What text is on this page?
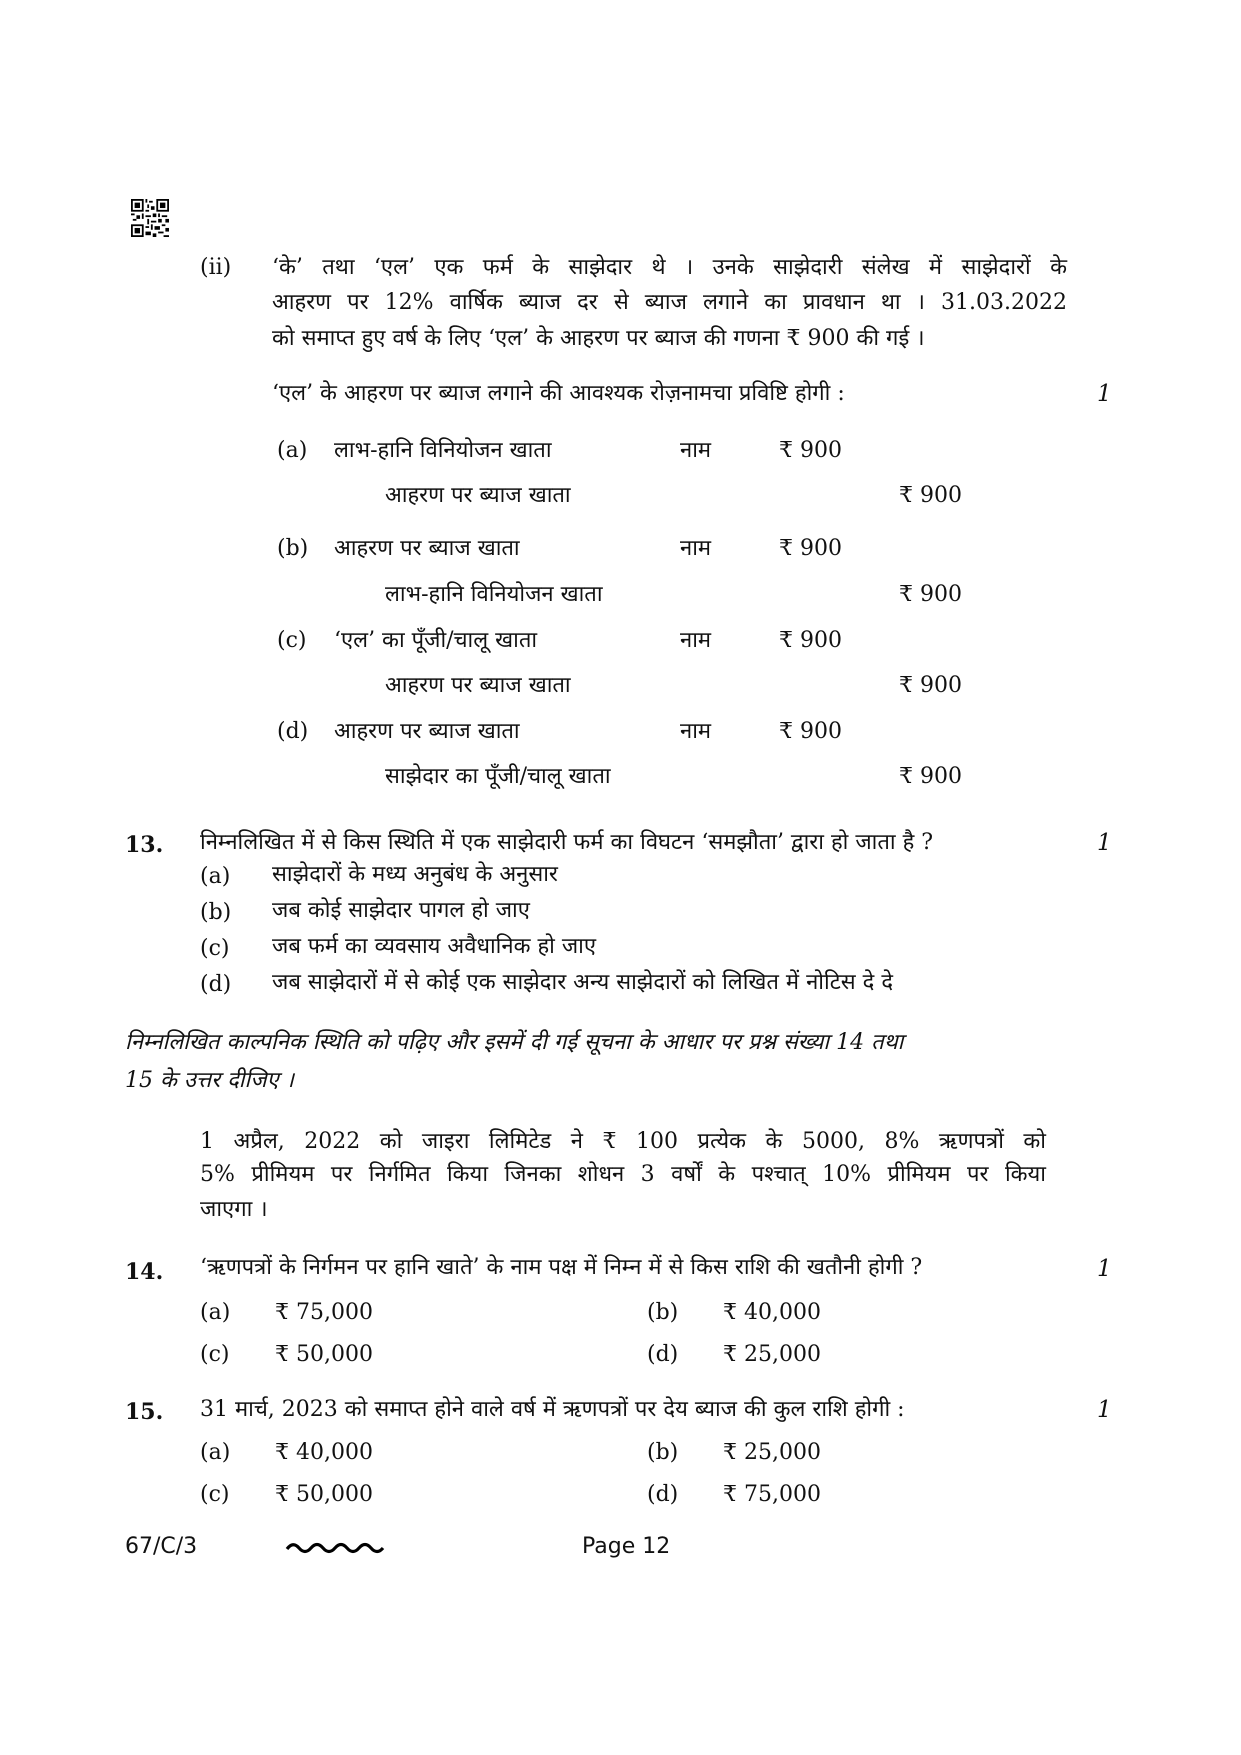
(ii) ‘के’ तथा ‘एल’ एक फर्म के साझेदार थे । उनके साझेदारी संलेख में साझेदारों के
आहरण पर 12% वार्षिक ब्याज दर से ब्याज लगाने का प्रावधान था । 31.03.2022
को समाप्त हुए वर्ष के लिए ‘एल’ के आहरण पर ब्याज की गणना ₹ 900 की गई ।
‘एल’ के आहरण पर ब्याज लगाने की आवश्यक रोज़नामचा प्रविष्टि होगी :	1
(a) लाभ-हानि विनियोजन खाता	नाम	₹ 900
आहरण पर ब्याज खाता	₹ 900
(b) आहरण पर ब्याज खाता	नाम	₹ 900
लाभ-हानि विनियोजन खाता	₹ 900
(c) ‘एल’ का पूँजी/चालू खाता	नाम	₹ 900
आहरण पर ब्याज खाता	₹ 900
(d) आहरण पर ब्याज खाता	नाम	₹ 900
साझेदार का पूँजी/चालू खाता	₹ 900
13. निम्नलिखित में से किस स्थिति में एक साझेदारी फर्म का विघटन ‘समझौता’ द्वारा हो जाता है ?	1
(a) साझेदारों के मध्य अनुबंध के अनुसार
(b) जब कोई साझेदार पागल हो जाए
(c) जब फर्म का व्यवसाय अवैधानिक हो जाए
(d) जब साझेदारों में से कोई एक साझेदार अन्य साझेदारों को लिखित में नोटिस दे दे
निम्नलिखित काल्पनिक स्थिति को पढ़िए और इसमें दी गई सूचना के आधार पर प्रश्न संख्या 14 तथा
15 के उत्तर दीजिए ।
1 अप्रैल, 2022 को जाइरा लिमिटेड ने ₹ 100 प्रत्येक के 5000, 8% ऋणपत्रों को
5% प्रीमियम पर निर्गमित किया जिनका शोधन 3 वर्षों के पश्चात् 10% प्रीमियम पर किया
जाएगा ।
14. ‘ऋणपत्रों के निर्गमन पर हानि खाते’ के नाम पक्ष में निम्न में से किस राशि की खतौनी होगी ?	1
(a) ₹ 75,000	(b) ₹ 40,000
(c) ₹ 50,000	(d) ₹ 25,000
15. 31 मार्च, 2023 को समाप्त होने वाले वर्ष में ऋणपत्रों पर देय ब्याज की कुल राशि होगी :	1
(a) ₹ 40,000	(b) ₹ 25,000
(c) ₹ 50,000	(d) ₹ 75,000
67/C/3	Page 12
